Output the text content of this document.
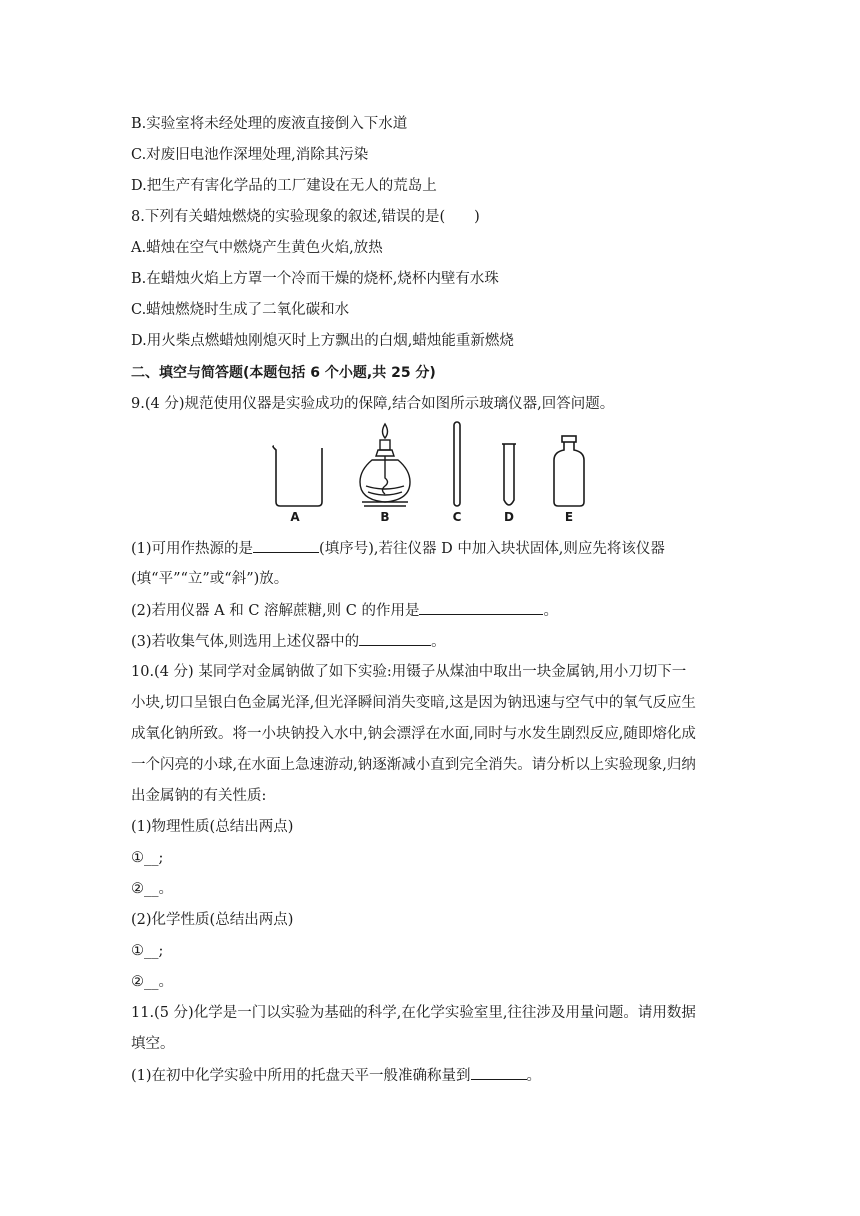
B.实验室将未经处理的废液直接倒入下水道
C.对废旧电池作深埋处理,消除其污染
D.把生产有害化学品的工厂建设在无人的荒岛上
8.下列有关蜡烛燃烧的实验现象的叙述,错误的是(　　)
A.蜡烛在空气中燃烧产生黄色火焰,放热
B.在蜡烛火焰上方罩一个冷而干燥的烧杯,烧杯内壁有水珠
C.蜡烛燃烧时生成了二氧化碳和水
D.用火柴点燃蜡烛刚熄灭时上方飘出的白烟,蜡烛能重新燃烧
二、填空与简答题(本题包括 6 个小题,共 25 分)
9.(4 分)规范使用仪器是实验成功的保障,结合如图所示玻璃仪器,回答问题。
A	B	C	D	E
(1)可用作热源的是	(填序号),若往仪器 D 中加入块状固体,则应先将该仪器
(填“平”“立”或“斜”)放。
(2)若用仪器 A 和 C 溶解蔗糖,则 C 的作用是	。
(3)若收集气体,则选用上述仪器中的	。
10.(4 分) 某同学对金属钠做了如下实验:用镊子从煤油中取出一块金属钠,用小刀切下一
小块,切口呈银白色金属光泽,但光泽瞬间消失变暗,这是因为钠迅速与空气中的氧气反应生
成氧化钠所致。将一小块钠投入水中,钠会漂浮在水面,同时与水发生剧烈反应,随即熔化成
一个闪亮的小球,在水面上急速游动,钠逐渐减小直到完全消失。请分析以上实验现象,归纳
出金属钠的有关性质:
(1)物理性质(总结出两点)
①__;
②__。
(2)化学性质(总结出两点)
①__;
②__。
11.(5 分)化学是一门以实验为基础的科学,在化学实验室里,往往涉及用量问题。请用数据
填空。
(1)在初中化学实验中所用的托盘天平一般准确称量到	。
